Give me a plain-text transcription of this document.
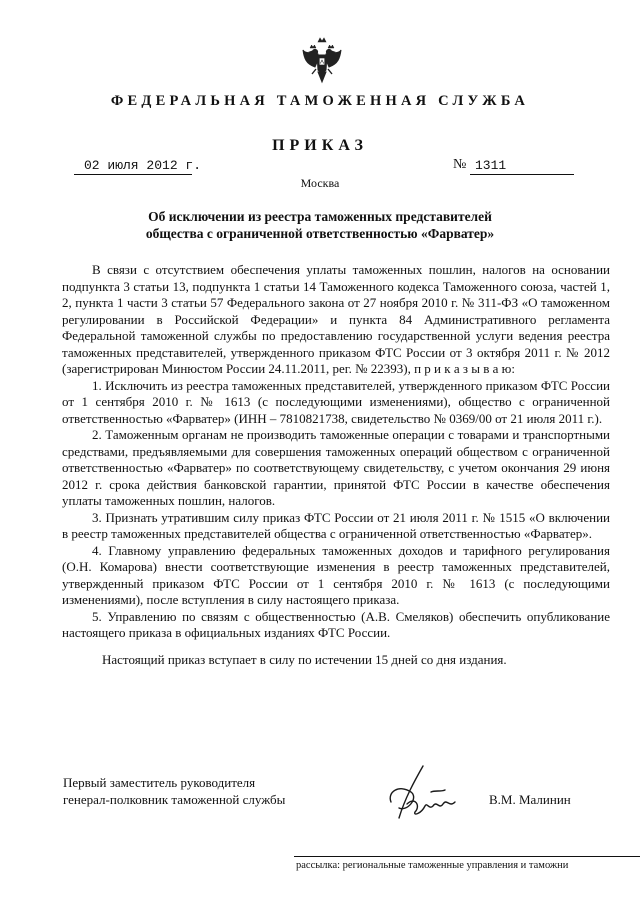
ФЕДЕРАЛЬНАЯ ТАМОЖЕННАЯ СЛУЖБА
ПРИКАЗ
02 июля 2012 г.	№ 1311
Москва
Об исключении из реестра таможенных представителей
общества с ограниченной ответственностью «Фарватер»

В связи с отсутствием обеспечения уплаты таможенных пошлин, налогов на основании подпункта 3 статьи 13, подпункта 1 статьи 14 Таможенного кодекса Таможенного союза, частей 1, 2, пункта 1 части 3 статьи 57 Федерального закона от 27 ноября 2010 г. № 311-ФЗ «О таможенном регулировании в Российской Федерации» и пункта 84 Административного регламента Федеральной таможенной службы по предоставлению государственной услуги ведения реестра таможенных представителей, утвержденного приказом ФТС России от 3 октября 2011 г. № 2012 (зарегистрирован Минюстом России 24.11.2011, рег. № 22393), п р и к а з ы в а ю:

1. Исключить из реестра таможенных представителей, утвержденного приказом ФТС России от 1 сентября 2010 г. № 1613 (с последующими изменениями), общество с ограниченной ответственностью «Фарватер» (ИНН – 7810821738, свидетельство № 0369/00 от 21 июля 2011 г.).

2. Таможенным органам не производить таможенные операции с товарами и транспортными средствами, предъявляемыми для совершения таможенных операций обществом с ограниченной ответственностью «Фарватер» по соответствующему свидетельству, с учетом окончания 29 июня 2012 г. срока действия банковской гарантии, принятой ФТС России в качестве обеспечения уплаты таможенных пошлин, налогов.

3. Признать утратившим силу приказ ФТС России от 21 июля 2011 г. № 1515 «О включении в реестр таможенных представителей общества с ограниченной ответственностью «Фарватер».

4. Главному управлению федеральных таможенных доходов и тарифного регулирования (О.Н. Комарова) внести соответствующие изменения в реестр таможенных представителей, утвержденный приказом ФТС России от 1 сентября 2010 г. № 1613 (с последующими изменениями), после вступления в силу настоящего приказа.

5. Управлению по связям с общественностью (А.В. Смеляков) обеспечить опубликование настоящего приказа в официальных изданиях ФТС России.

Настоящий приказ вступает в силу по истечении 15 дней со дня издания.

Первый заместитель руководителя
генерал-полковник таможенной службы	В.М. Малинин
рассылка: региональные таможенные управления и таможни
